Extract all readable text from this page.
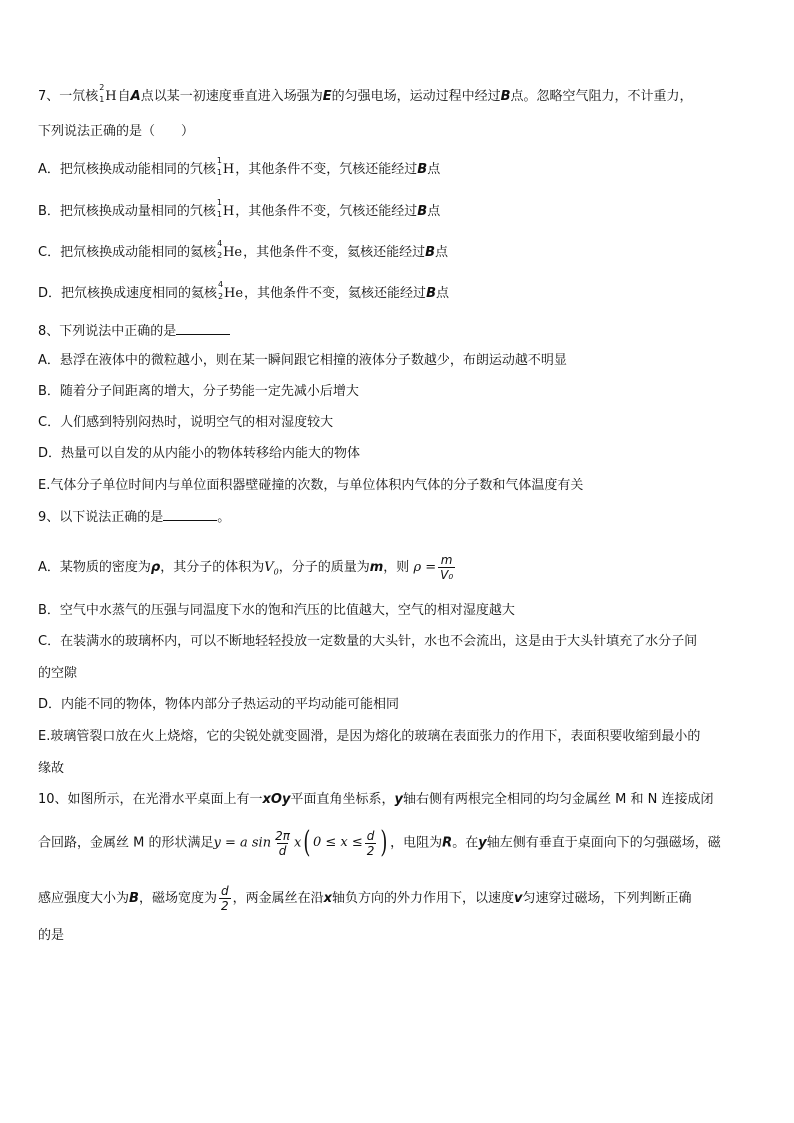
7、一氘核
2
1 H自A点以某一初速度垂直进入场强为E的匀强电场，运动过程中经过B点。忽略空气阻力，不计重力，
下列说法正确的是（　　）
A．把氘核换成动能相同的氕核
1
1 H，其他条件不变，氕核还能经过B点
B．把氘核换成动量相同的氕核
1
1 H，其他条件不变，氕核还能经过B点
C．把氘核换成动能相同的氦核
4
2 He，其他条件不变，氦核还能经过B点
D．把氘核换成速度相同的氦核
4
2 He，其他条件不变，氦核还能经过B点
8、下列说法中正确的是
A．悬浮在液体中的微粒越小，则在某一瞬间跟它相撞的液体分子数越少，布朗运动越不明显
B．随着分子间距离的增大，分子势能一定先减小后增大
C．人们感到特别闷热时，说明空气的相对湿度较大
D．热量可以自发的从内能小的物体转移给内能大的物体
E.气体分子单位时间内与单位面积器壁碰撞的次数，与单位体积内气体的分子数和气体温度有关
9、以下说法正确的是	。
A．某物质的密度为ρ，其分子的体积为$V_0$，分子的质量为m，则 $\rho = \frac{m}{\text{V₀}}$
B．空气中水蒸气的压强与同温度下水的饱和汽压的比值越大，空气的相对湿度越大
C．在装满水的玻璃杯内，可以不断地轻轻投放一定数量的大头针，水也不会流出，这是由于大头针填充了水分子间
的空隙
D．内能不同的物体，物体内部分子热运动的平均动能可能相同
E.玻璃管裂口放在火上烧熔，它的尖锐处就变圆滑，是因为熔化的玻璃在表面张力的作用下，表面积要收缩到最小的
缘故
10、如图所示，在光滑水平桌面上有一xOy平面直角坐标系，y轴右侧有两根完全相同的均匀金属丝 M 和 N 连接成闭
合回路，金属丝 M 的形状满足y = a $\sin \frac{2\pi}{d}$ x ( $0 \le x \le \frac{d}{2}$ ) ，电阻为R。在y轴左侧有垂直于桌面向下的匀强磁场，磁
感应强度大小为B，磁场宽度为 $\frac{d}{2}$ ，两金属丝在沿x轴负方向的外力作用下，以速度v匀速穿过磁场，下列判断正确
的是
